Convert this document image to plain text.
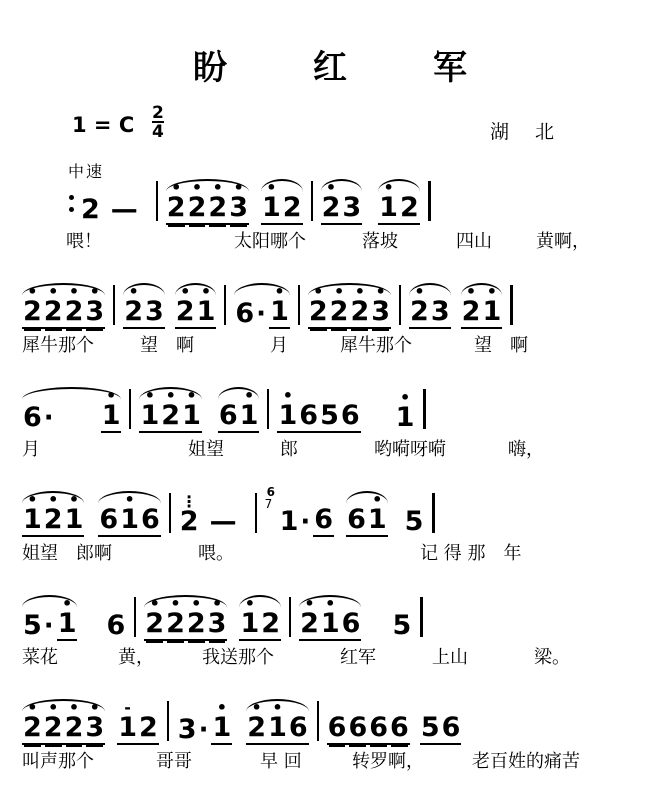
盼　红　军
1 = C $\frac{2}{4}$	湖 北
中速
2 —	2
•
2
•
2
•
3
•
1
•
2 2
•
3 1
•
2
喂！	太阳哪个	落坡	四山 黄啊，
2
•
2
•
2
•
3
•
2
•
3 2
•
1
•
6 · 1
•
2
•
2
•
2
•
3
•
2
•
3 2
•
1
•
犀牛那个	望　啊	月	犀牛那个	望　啊
6 · 1
•
1
•
2
•
1
•
6 1
•
1
•
6 5 6 1
•
月	姐望	郎	哟嗬呀嗬	嗨，
1
•
2
•
1
•
6 1
•
6 2
⋮
—
6
7
1 · 6 6 1
•
5
姐望　郎啊	喂。	记 得 那　年
5 · 1
•
6 2
•
2
•
2
•
3
•
1
•
2 2
•
1
•
6 5
菜花	黄，	我送那个	红军	上山	梁。
2
•
2
•
2
•
3
•
1
-
2 3 · 1
•
2
•
1
•
6 6 6 6 6 5 6
叫声那个	哥哥	早 回	转罗啊，	老百姓的痛苦
